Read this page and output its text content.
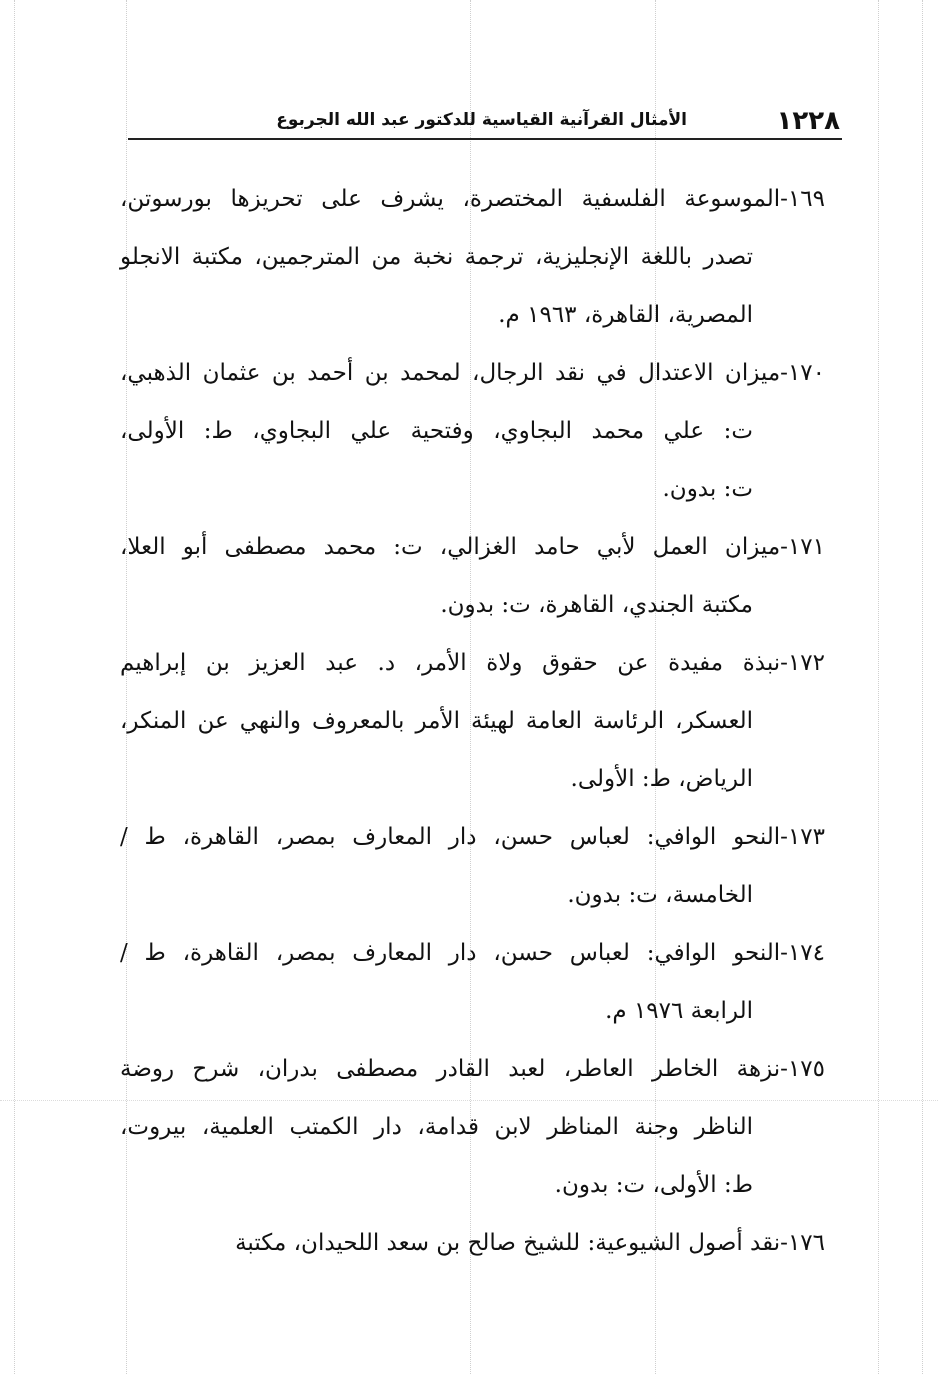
١٢٢٨
الأمثال القرآنية القياسية للدكتور عبد الله الجربوع
١٦٩-الموسوعة الفلسفية المختصرة، يشرف على تحريزها بورسوتن،
تصدر باللغة الإنجليزية، ترجمة نخبة من المترجمين، مكتبة الانجلو
المصرية، القاهرة، ١٩٦٣ م.
١٧٠-ميزان الاعتدال في نقد الرجال، لمحمد بن أحمد بن عثمان الذهبي،
ت: علي محمد البجاوي، وفتحية علي البجاوي، ط: الأولى،
ت: بدون.
١٧١-ميزان العمل لأبي حامد الغزالي، ت: محمد مصطفى أبو العلا،
مكتبة الجندي، القاهرة، ت: بدون.
١٧٢-نبذة مفيدة عن حقوق ولاة الأمر، د. عبد العزيز بن إبراهيم
العسكر، الرئاسة العامة لهيئة الأمر بالمعروف والنهي عن المنكر،
الرياض، ط: الأولى.
١٧٣-النحو الوافي: لعباس حسن، دار المعارف بمصر، القاهرة، ط /
الخامسة، ت: بدون.
١٧٤-النحو الوافي: لعباس حسن، دار المعارف بمصر، القاهرة، ط /
الرابعة ١٩٧٦ م.
١٧٥-نزهة الخاطر العاطر، لعبد القادر مصطفى بدران، شرح روضة
الناظر وجنة المناظر لابن قدامة، دار الكمتب العلمية، بيروت،
ط: الأولى، ت: بدون.
١٧٦-نقد أصول الشيوعية: للشيخ صالح بن سعد اللحيدان، مكتبة
